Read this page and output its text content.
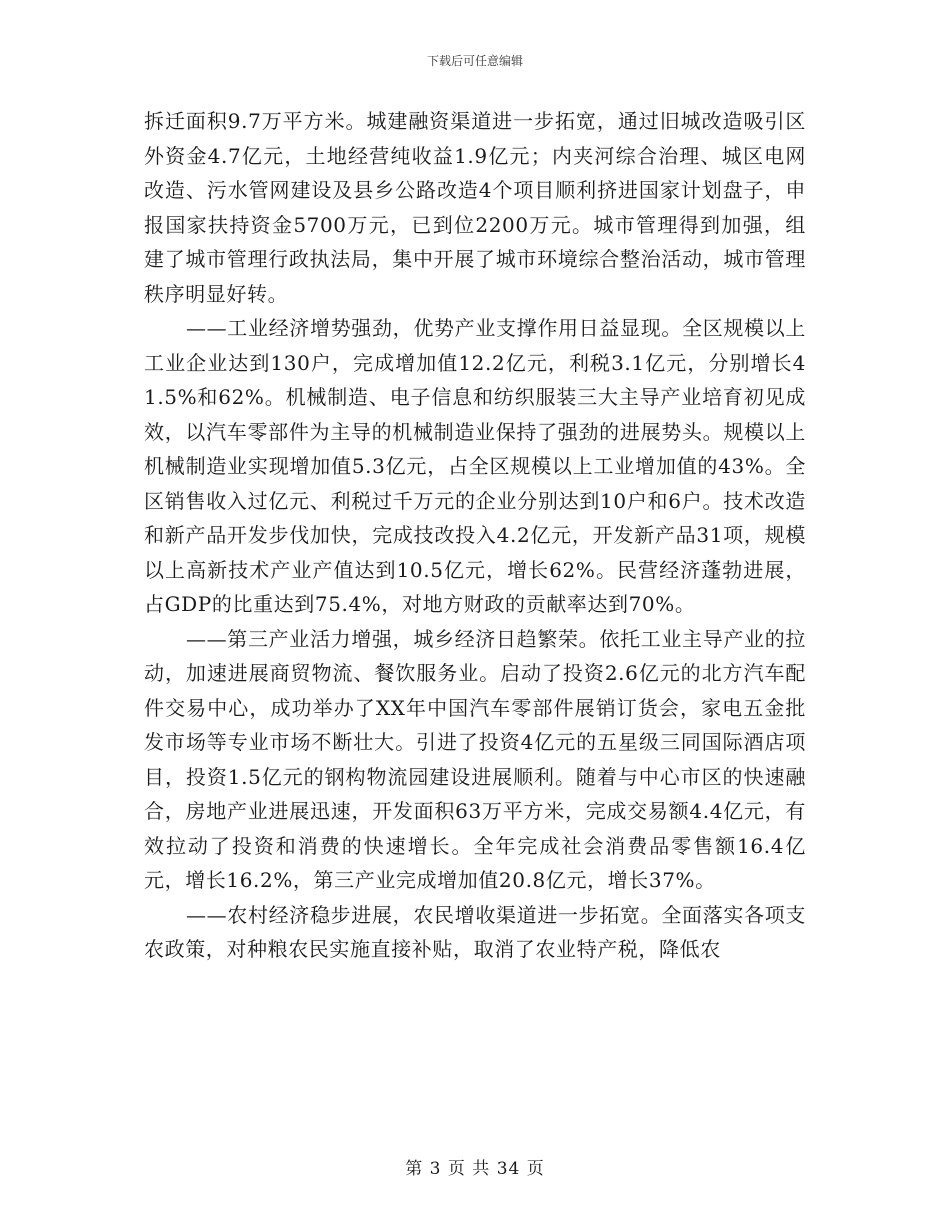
下载后可任意编辑

拆迁面积9.7万平方米。城建融资渠道进一步拓宽，通过旧城改造吸引区外资金4.7亿元，土地经营纯收益1.9亿元；内夹河综合治理、城区电网改造、污水管网建设及县乡公路改造4个项目顺利挤进国家计划盘子，申报国家扶持资金5700万元，已到位2200万元。城市管理得到加强，组建了城市管理行政执法局，集中开展了城市环境综合整治活动，城市管理秩序明显好转。

——工业经济增势强劲，优势产业支撑作用日益显现。全区规模以上工业企业达到130户，完成增加值12.2亿元，利税3.1亿元，分别增长41.5%和62%。机械制造、电子信息和纺织服装三大主导产业培育初见成效，以汽车零部件为主导的机械制造业保持了强劲的进展势头。规模以上机械制造业实现增加值5.3亿元，占全区规模以上工业增加值的43%。全区销售收入过亿元、利税过千万元的企业分别达到10户和6户。技术改造和新产品开发步伐加快，完成技改投入4.2亿元，开发新产品31项，规模以上高新技术产业产值达到10.5亿元，增长62%。民营经济蓬勃进展，占GDP的比重达到75.4%，对地方财政的贡献率达到70%。

——第三产业活力增强，城乡经济日趋繁荣。依托工业主导产业的拉动，加速进展商贸物流、餐饮服务业。启动了投资2.6亿元的北方汽车配件交易中心，成功举办了XX年中国汽车零部件展销订货会，家电五金批发市场等专业市场不断壮大。引进了投资4亿元的五星级三同国际酒店项目，投资1.5亿元的钢构物流园建设进展顺利。随着与中心市区的快速融合，房地产业进展迅速，开发面积63万平方米，完成交易额4.4亿元，有效拉动了投资和消费的快速增长。全年完成社会消费品零售额16.4亿元，增长16.2%，第三产业完成增加值20.8亿元，增长37%。

——农村经济稳步进展，农民增收渠道进一步拓宽。全面落实各项支农政策，对种粮农民实施直接补贴，取消了农业特产税，降低农

第 3 页 共 34 页
